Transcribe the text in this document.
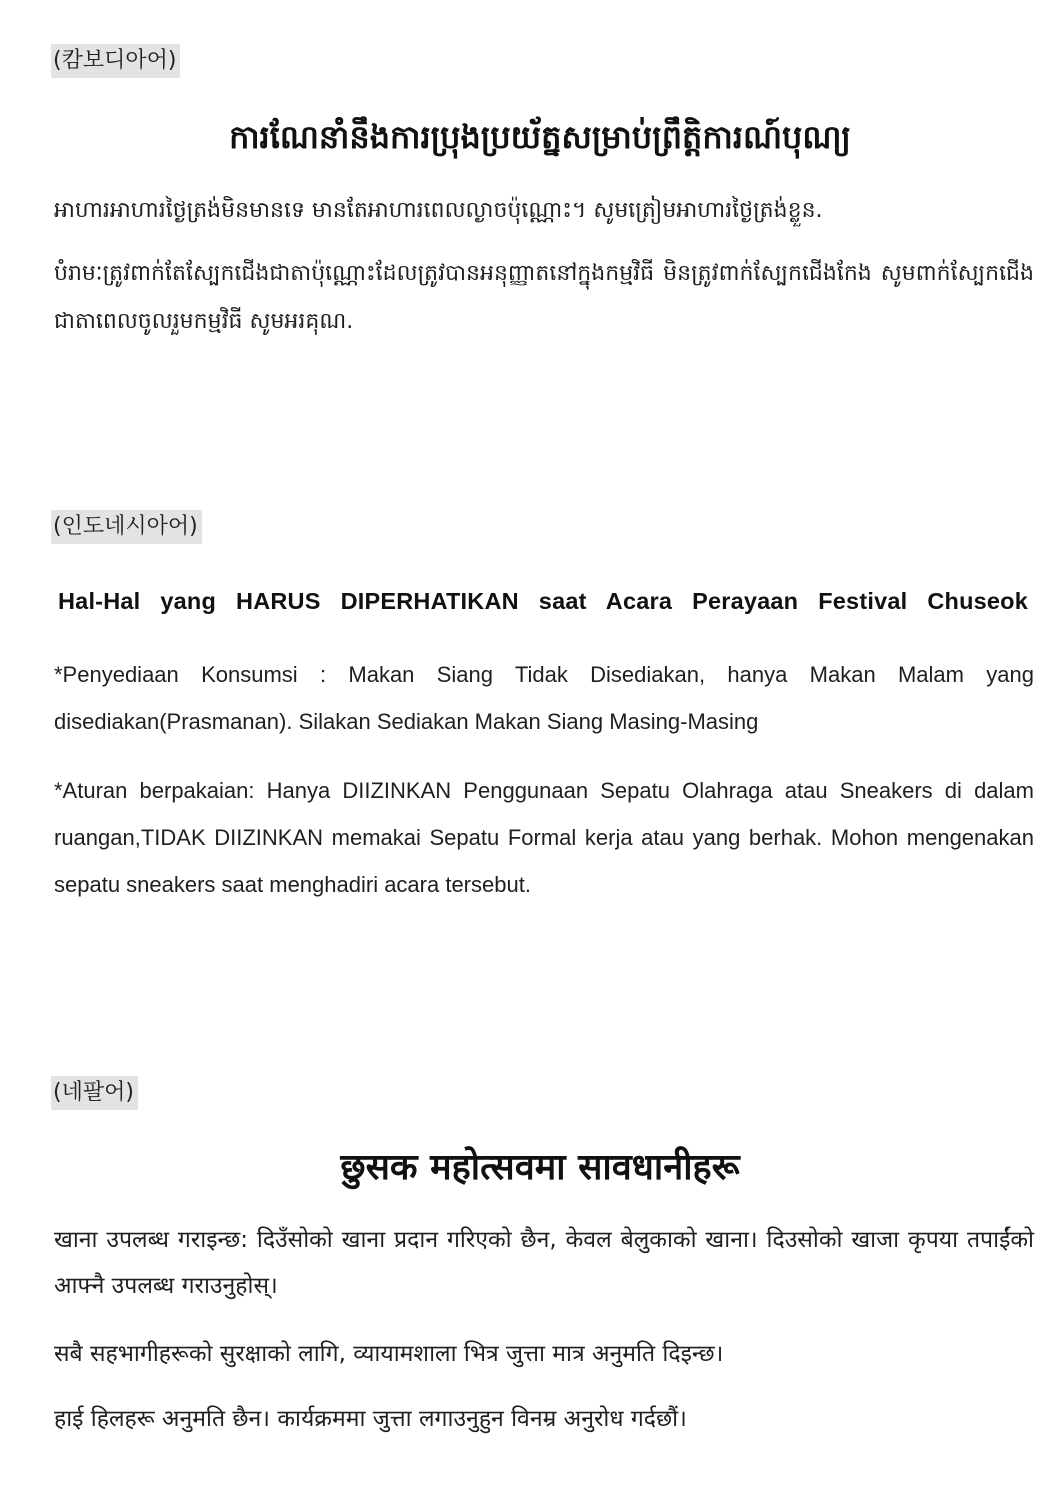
(캄보디아어)
ការណែនាំនឹងការប្រុងប្រយ័ត្នសម្រាប់ព្រឹត្តិការណ៍បុណ្យ
អាហារអាហារថ្ងៃត្រង់មិនមានទេ មានតែអាហារពេលល្ងាចប៉ុណ្ណោះ។ សូមត្រៀមអាហារថ្ងៃត្រង់ខ្លួន.
បំរាមៈត្រូវពាក់តែស្បែកជើងជាតាប៉ុណ្ណោះដែលត្រូវបានអនុញ្ញាតនៅក្នុងកម្មវិធី មិនត្រូវពាក់ស្បែកជើងកែង សូមពាក់ស្បែកជើងជាតាពេលចូលរួមកម្មវិធី សូមអរគុណ.
(인도네시아어)
Hal-Hal yang HARUS DIPERHATIKAN saat Acara Perayaan Festival Chuseok
*Penyediaan Konsumsi : Makan Siang Tidak Disediakan, hanya Makan Malam yang disediakan(Prasmanan). Silakan Sediakan Makan Siang Masing-Masing
*Aturan berpakaian: Hanya DIIZINKAN Penggunaan Sepatu Olahraga atau Sneakers di dalam ruangan,TIDAK DIIZINKAN memakai Sepatu Formal kerja atau yang berhak. Mohon mengenakan sepatu sneakers saat menghadiri acara tersebut.
(네팔어)
छुसक महोत्सवमा सावधानीहरू
खाना उपलब्ध गराइन्छ: दिउँसोको खाना प्रदान गरिएको छैन, केवल बेलुकाको खाना। दिउसोको खाजा कृपया तपाईंको आफ्नै उपलब्ध गराउनुहोस्।
सबै सहभागीहरूको सुरक्षाको लागि, व्यायामशाला भित्र जुत्ता मात्र अनुमति दिइन्छ।
हाई हिलहरू अनुमति छैन। कार्यक्रममा जुत्ता लगाउनुहुन विनम्र अनुरोध गर्दछौं।
